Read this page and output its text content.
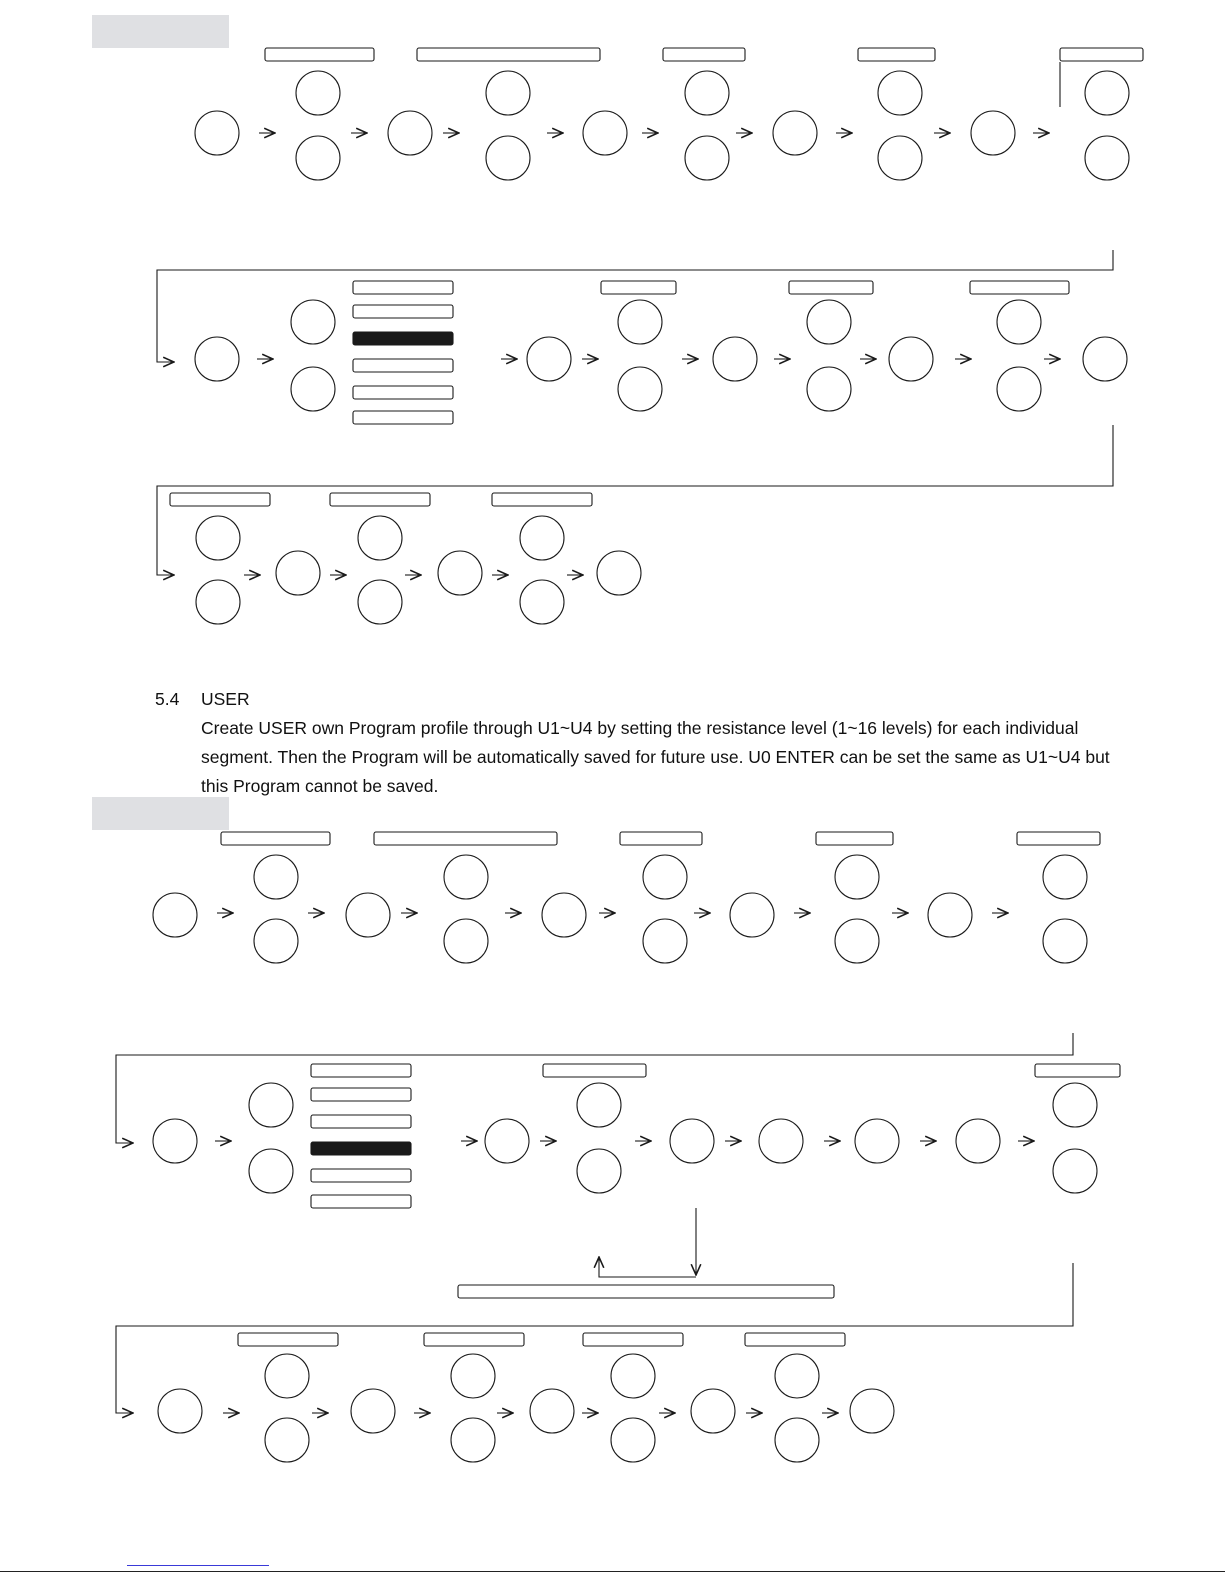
5.4	USER
Create USER own Program profile through U1~U4 by setting the resistance level (1~16 levels) for each individual segment. Then the Program will be automatically saved for future use. U0 ENTER can be set the same as U1~U4 but this Program cannot be saved.
